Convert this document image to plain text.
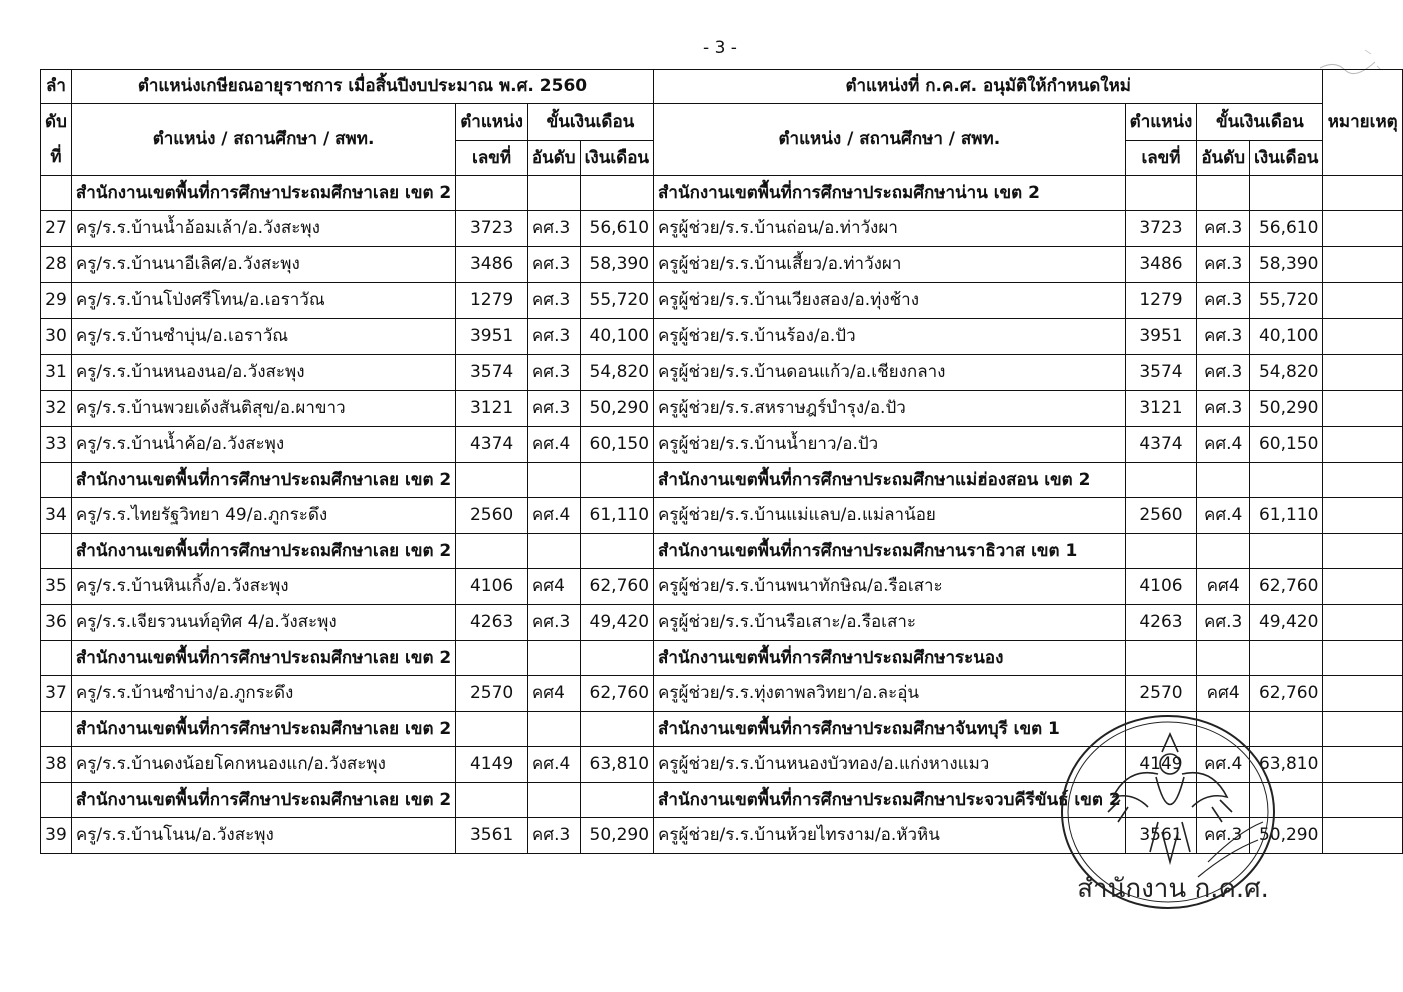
- 3 -
ลำ	ตำแหน่งเกษียณอายุราชการ เมื่อสิ้นปีงบประมาณ พ.ศ. 2560				ตำแหน่งที่ ก.ค.ศ. อนุมัติให้กำหนดใหม่				หมายเหตุ
ดับ	ตำแหน่ง / สถานศึกษา / สพท.	ตำแหน่ง	ขั้นเงินเดือน		ตำแหน่ง / สถานศึกษา / สพท.	ตำแหน่ง	ขั้นเงินเดือน		
ที่		เลขที่	อันดับ	เงินเดือน		เลขที่	อันดับ	เงินเดือน	
	สำนักงานเขตพื้นที่การศึกษาประถมศึกษาเลย เขต 2				สำนักงานเขตพื้นที่การศึกษาประถมศึกษาน่าน เขต 2				
27	ครู/ร.ร.บ้านน้ำอ้อมเล้า/อ.วังสะพุง	3723	คศ.3	56,610	ครูผู้ช่วย/ร.ร.บ้านถ่อน/อ.ท่าวังผา	3723	คศ.3	56,610	
28	ครู/ร.ร.บ้านนาอีเลิศ/อ.วังสะพุง	3486	คศ.3	58,390	ครูผู้ช่วย/ร.ร.บ้านเสี้ยว/อ.ท่าวังผา	3486	คศ.3	58,390	
29	ครู/ร.ร.บ้านโป่งศรีโทน/อ.เอราวัณ	1279	คศ.3	55,720	ครูผู้ช่วย/ร.ร.บ้านเวียงสอง/อ.ทุ่งช้าง	1279	คศ.3	55,720	
30	ครู/ร.ร.บ้านซำบุ่น/อ.เอราวัณ	3951	คศ.3	40,100	ครูผู้ช่วย/ร.ร.บ้านร้อง/อ.ปัว	3951	คศ.3	40,100	
31	ครู/ร.ร.บ้านหนองนอ/อ.วังสะพุง	3574	คศ.3	54,820	ครูผู้ช่วย/ร.ร.บ้านดอนแก้ว/อ.เชียงกลาง	3574	คศ.3	54,820	
32	ครู/ร.ร.บ้านพวยเด้งสันติสุข/อ.ผาขาว	3121	คศ.3	50,290	ครูผู้ช่วย/ร.ร.สหราษฎร์บำรุง/อ.ปัว	3121	คศ.3	50,290	
33	ครู/ร.ร.บ้านน้ำค้อ/อ.วังสะพุง	4374	คศ.4	60,150	ครูผู้ช่วย/ร.ร.บ้านน้ำยาว/อ.ปัว	4374	คศ.4	60,150	
	สำนักงานเขตพื้นที่การศึกษาประถมศึกษาเลย เขต 2				สำนักงานเขตพื้นที่การศึกษาประถมศึกษาแม่ฮ่องสอน เขต 2				
34	ครู/ร.ร.ไทยรัฐวิทยา 49/อ.ภูกระดึง	2560	คศ.4	61,110	ครูผู้ช่วย/ร.ร.บ้านแม่แลบ/อ.แม่ลาน้อย	2560	คศ.4	61,110	
	สำนักงานเขตพื้นที่การศึกษาประถมศึกษาเลย เขต 2				สำนักงานเขตพื้นที่การศึกษาประถมศึกษานราธิวาส เขต 1				
35	ครู/ร.ร.บ้านหินเกิ้ง/อ.วังสะพุง	4106	คศ4	62,760	ครูผู้ช่วย/ร.ร.บ้านพนาทักษิณ/อ.รือเสาะ	4106	คศ4	62,760	
36	ครู/ร.ร.เจียรวนนท์อุทิศ 4/อ.วังสะพุง	4263	คศ.3	49,420	ครูผู้ช่วย/ร.ร.บ้านรือเสาะ/อ.รือเสาะ	4263	คศ.3	49,420	
	สำนักงานเขตพื้นที่การศึกษาประถมศึกษาเลย เขต 2				สำนักงานเขตพื้นที่การศึกษาประถมศึกษาระนอง				
37	ครู/ร.ร.บ้านซำบ่าง/อ.ภูกระดึง	2570	คศ4	62,760	ครูผู้ช่วย/ร.ร.ทุ่งตาพลวิทยา/อ.ละอุ่น	2570	คศ4	62,760	
	สำนักงานเขตพื้นที่การศึกษาประถมศึกษาเลย เขต 2				สำนักงานเขตพื้นที่การศึกษาประถมศึกษาจันทบุรี เขต 1				
38	ครู/ร.ร.บ้านดงน้อยโคกหนองแก/อ.วังสะพุง	4149	คศ.4	63,810	ครูผู้ช่วย/ร.ร.บ้านหนองบัวทอง/อ.แก่งหางแมว	4149	คศ.4	63,810	
	สำนักงานเขตพื้นที่การศึกษาประถมศึกษาเลย เขต 2				สำนักงานเขตพื้นที่การศึกษาประถมศึกษาประจวบคีรีขันธ์ เขต 2				
39	ครู/ร.ร.บ้านโนน/อ.วังสะพุง	3561	คศ.3	50,290	ครูผู้ช่วย/ร.ร.บ้านห้วยไทรงาม/อ.หัวหิน	3561	คศ.3	50,290	
สำนักงาน ก.ค.ศ.
